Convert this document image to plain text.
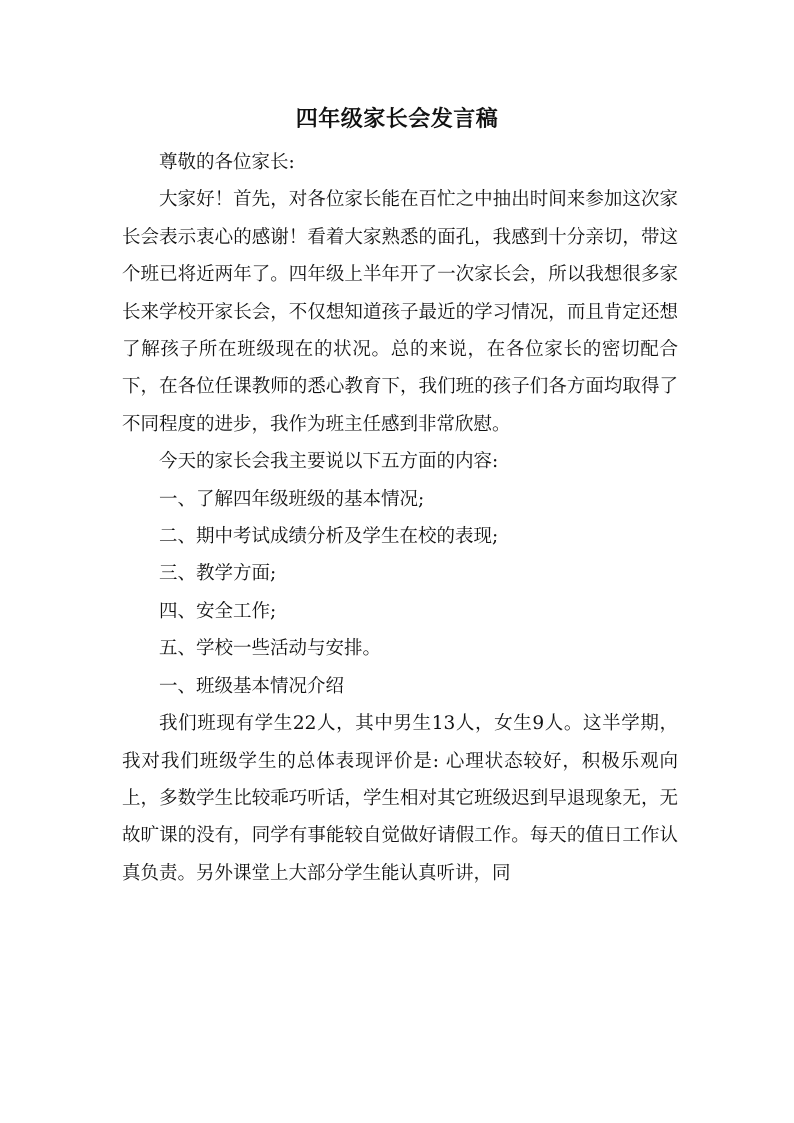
四年级家长会发言稿

尊敬的各位家长:

大家好！首先，对各位家长能在百忙之中抽出时间来参加这次家长会表示衷心的感谢！看着大家熟悉的面孔，我感到十分亲切，带这个班已将近两年了。四年级上半年开了一次家长会，所以我想很多家长来学校开家长会，不仅想知道孩子最近的学习情况，而且肯定还想了解孩子所在班级现在的状况。总的来说，在各位家长的密切配合下，在各位任课教师的悉心教育下，我们班的孩子们各方面均取得了不同程度的进步，我作为班主任感到非常欣慰。

今天的家长会我主要说以下五方面的内容:

一、了解四年级班级的基本情况;

二、期中考试成绩分析及学生在校的表现;

三、教学方面;

四、安全工作;

五、学校一些活动与安排。

一、班级基本情况介绍

我们班现有学生22人，其中男生13人，女生9人。这半学期，我对我们班级学生的总体表现评价是: 心理状态较好，积极乐观向上，多数学生比较乖巧听话，学生相对其它班级迟到早退现象无，无故旷课的没有，同学有事能较自觉做好请假工作。每天的值日工作认真负责。另外课堂上大部分学生能认真听讲，同
